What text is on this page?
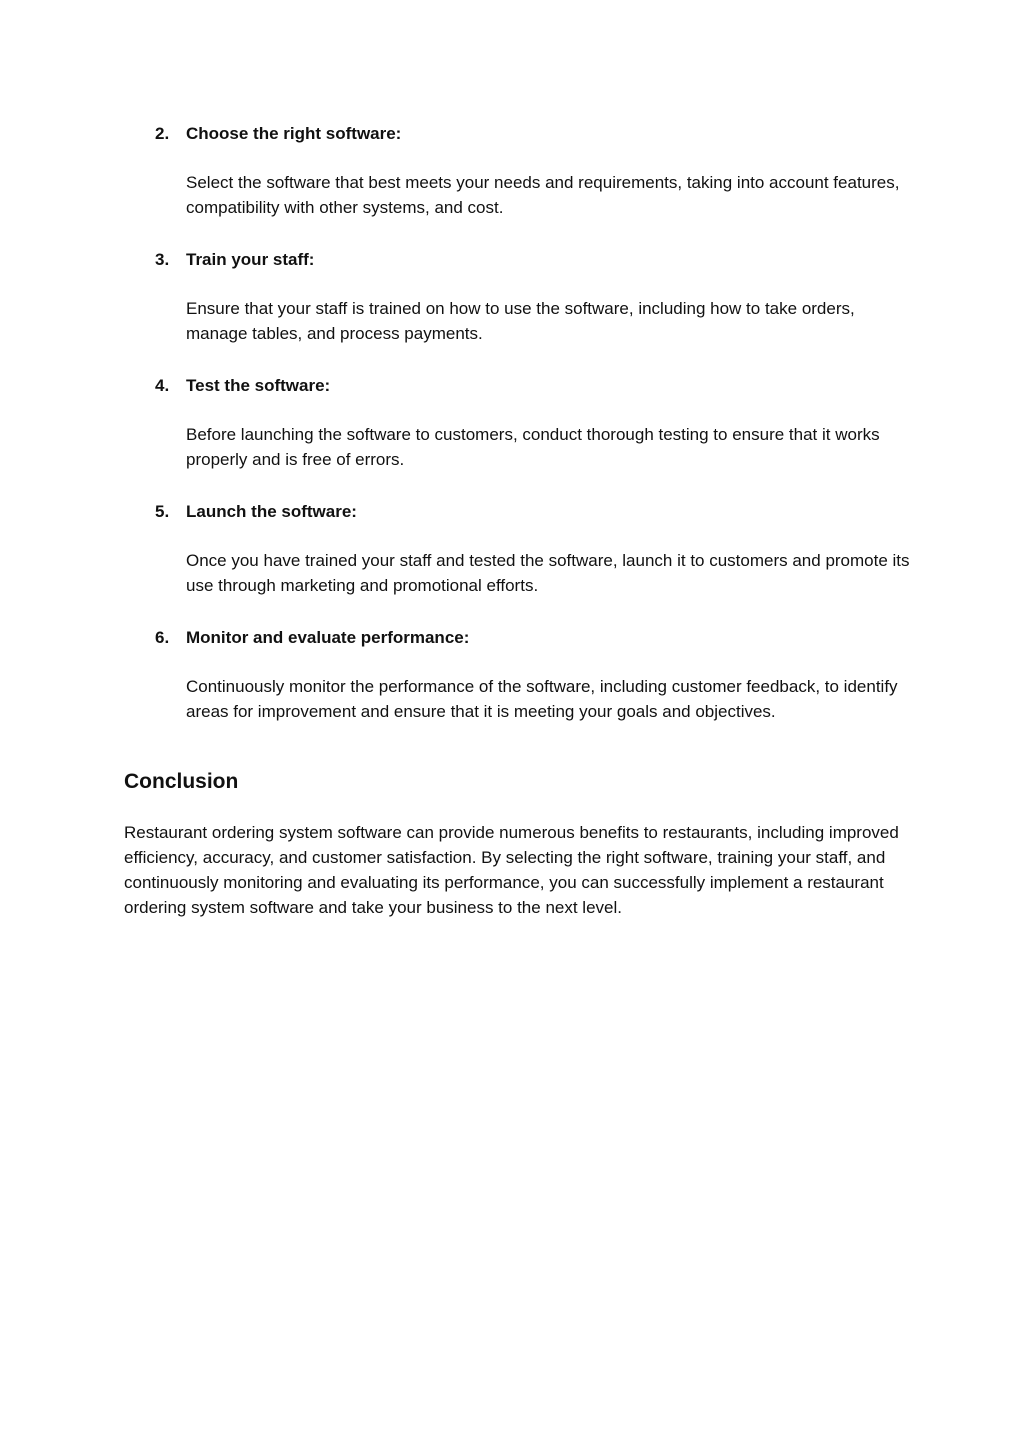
2. Choose the right software:
Select the software that best meets your needs and requirements, taking into account features, compatibility with other systems, and cost.
3. Train your staff:
Ensure that your staff is trained on how to use the software, including how to take orders, manage tables, and process payments.
4. Test the software:
Before launching the software to customers, conduct thorough testing to ensure that it works properly and is free of errors.
5. Launch the software:
Once you have trained your staff and tested the software, launch it to customers and promote its use through marketing and promotional efforts.
6. Monitor and evaluate performance:
Continuously monitor the performance of the software, including customer feedback, to identify areas for improvement and ensure that it is meeting your goals and objectives.
Conclusion

Restaurant ordering system software can provide numerous benefits to restaurants, including improved efficiency, accuracy, and customer satisfaction. By selecting the right software, training your staff, and continuously monitoring and evaluating its performance, you can successfully implement a restaurant ordering system software and take your business to the next level.
